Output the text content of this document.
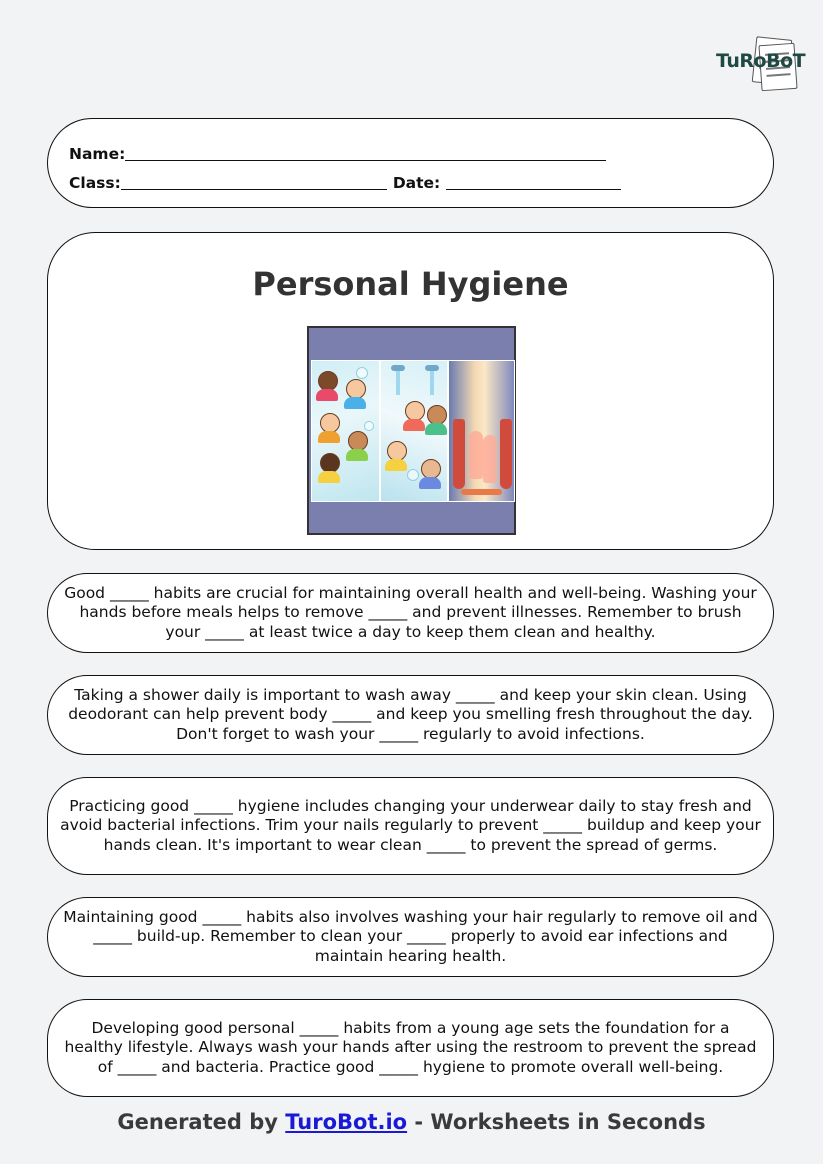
TuRoBoT
Name:
Class:	Date:
Personal Hygiene

Good _____ habits are crucial for maintaining overall health and well-being. Washing your hands before meals helps to remove _____ and prevent illnesses. Remember to brush your _____ at least twice a day to keep them clean and healthy.

Taking a shower daily is important to wash away _____ and keep your skin clean. Using deodorant can help prevent body _____ and keep you smelling fresh throughout the day. Don't forget to wash your _____ regularly to avoid infections.

Practicing good _____ hygiene includes changing your underwear daily to stay fresh and avoid bacterial infections. Trim your nails regularly to prevent _____ buildup and keep your hands clean. It's important to wear clean _____ to prevent the spread of germs.

Maintaining good _____ habits also involves washing your hair regularly to remove oil and _____ build-up. Remember to clean your _____ properly to avoid ear infections and maintain hearing health.

Developing good personal _____ habits from a young age sets the foundation for a healthy lifestyle. Always wash your hands after using the restroom to prevent the spread of _____ and bacteria. Practice good _____ hygiene to promote overall well-being.

Generated by TuroBot.io - Worksheets in Seconds
